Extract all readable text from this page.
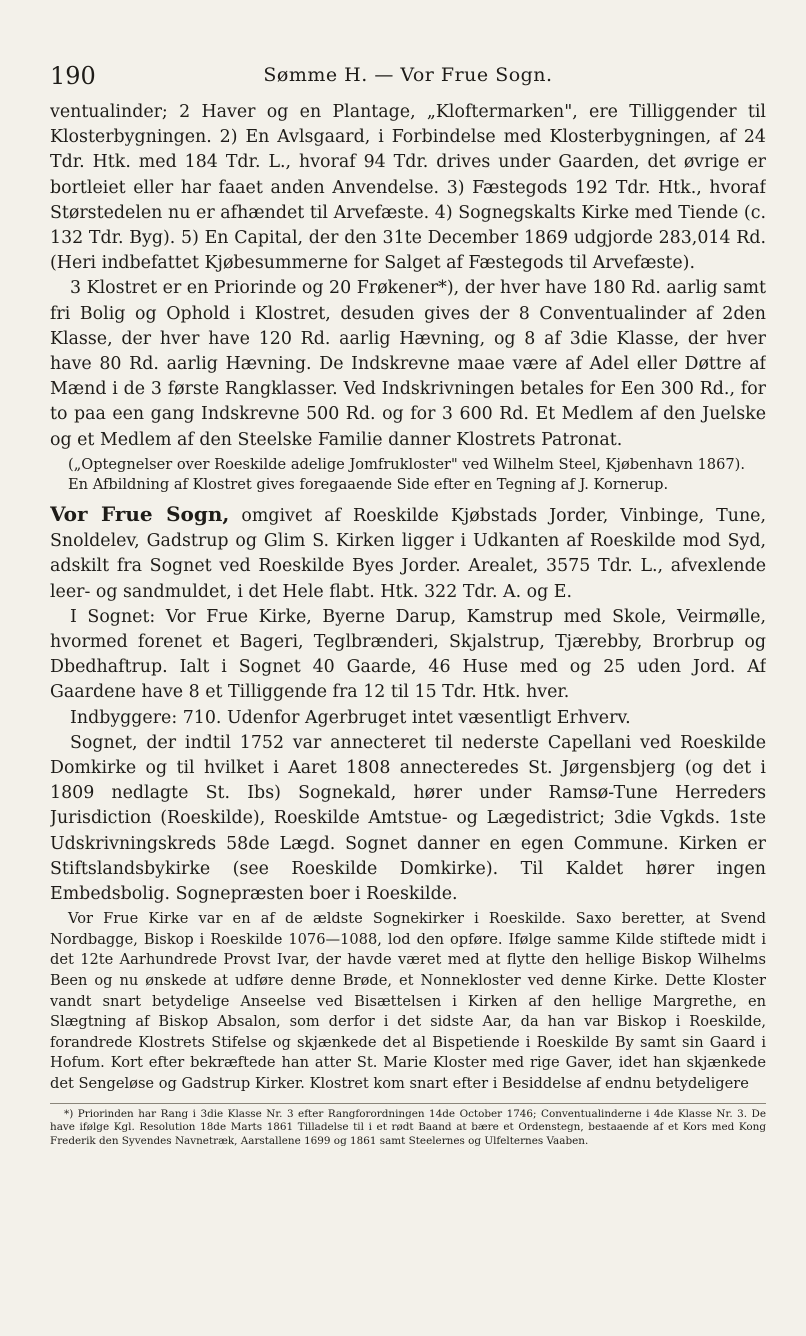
190	Sømme H. — Vor Frue Sogn.

ventualinder; 2 Haver og en Plantage, „Kloftermarken", ere Tilliggender til Klosterbygningen. 2) En Avlsgaard, i Forbindelse med Klosterbygningen, af 24 Tdr. Htk. med 184 Tdr. L., hvoraf 94 Tdr. drives under Gaarden, det øvrige er bortleiet eller har faaet anden Anvendelse. 3) Fæstegods 192 Tdr. Htk., hvoraf Størstedelen nu er afhændet til Arvefæste. 4) Sognegskalts Kirke med Tiende (c. 132 Tdr. Byg). 5) En Capital, der den 31te December 1869 udgjorde 283,014 Rd. (Heri indbefattet Kjøbesummerne for Salget af Fæstegods til Arvefæste).

3 Klostret er en Priorinde og 20 Frøkener*), der hver have 180 Rd. aarlig samt fri Bolig og Ophold i Klostret, desuden gives der 8 Conventualinder af 2den Klasse, der hver have 120 Rd. aarlig Hævning, og 8 af 3die Klasse, der hver have 80 Rd. aarlig Hævning. De Indskrevne maae være af Adel eller Døttre af Mænd i de 3 første Rangklasser. Ved Indskrivningen betales for Een 300 Rd., for to paa een gang Indskrevne 500 Rd. og for 3 600 Rd. Et Medlem af den Juelske og et Medlem af den Steelske Familie danner Klostrets Patronat.

(„Optegnelser over Roeskilde adelige Jomfrukloster" ved Wilhelm Steel, Kjøbenhavn 1867).

En Afbildning af Klostret gives foregaaende Side efter en Tegning af J. Kornerup.

Vor Frue Sogn, omgivet af Roeskilde Kjøbstads Jorder, Vinbinge, Tune, Snoldelev, Gadstrup og Glim S. Kirken ligger i Udkanten af Roeskilde mod Syd, adskilt fra Sognet ved Roeskilde Byes Jorder. Arealet, 3575 Tdr. L., afvexlende leer- og sandmuldet, i det Hele flabt. Htk. 322 Tdr. A. og E.

I Sognet: Vor Frue Kirke, Byerne Darup, Kamstrup med Skole, Veirmølle, hvormed forenet et Bageri, Teglbrænderi, Skjalstrup, Tjærebby, Brorbrup og Dbedhaftrup. Ialt i Sognet 40 Gaarde, 46 Huse med og 25 uden Jord. Af Gaardene have 8 et Tilliggende fra 12 til 15 Tdr. Htk. hver.

Indbyggere: 710. Udenfor Agerbruget intet væsentligt Erhverv.

Sognet, der indtil 1752 var annecteret til nederste Capellani ved Roeskilde Domkirke og til hvilket i Aaret 1808 annecteredes St. Jørgensbjerg (og det i 1809 nedlagte St. Ibs) Sognekald, hører under Ramsø-Tune Herreders Jurisdiction (Roeskilde), Roeskilde Amtstue- og Lægedistrict; 3die Vgkds. 1ste Udskrivningskreds 58de Lægd. Sognet danner en egen Commune. Kirken er Stiftslandsbykirke (see Roeskilde Domkirke). Til Kaldet hører ingen Embedsbolig. Sognepræsten boer i Roeskilde.

Vor Frue Kirke var en af de ældste Sognekirker i Roeskilde. Saxo beretter, at Svend Nordbagge, Biskop i Roeskilde 1076—1088, lod den opføre. Ifølge samme Kilde stiftede midt i det 12te Aarhundrede Provst Ivar, der havde været med at flytte den hellige Biskop Wilhelms Been og nu ønskede at udføre denne Brøde, et Nonnekloster ved denne Kirke. Dette Kloster vandt snart betydelige Anseelse ved Bisættelsen i Kirken af den hellige Margrethe, en Slægtning af Biskop Absalon, som derfor i det sidste Aar, da han var Biskop i Roeskilde, forandrede Klostrets Stifelse og skjænkede det al Bispetiende i Roeskilde By samt sin Gaard i Hofum. Kort efter bekræftede han atter St. Marie Kloster med rige Gaver, idet han skjænkede det Sengeløse og Gadstrup Kirker. Klostret kom snart efter i Besiddelse af endnu betydeligere

*) Priorinden har Rang i 3die Klasse Nr. 3 efter Rangforordningen 14de October 1746; Conventualinderne i 4de Klasse Nr. 3. De have ifølge Kgl. Resolution 18de Marts 1861 Tilladelse til i et rødt Baand at bære et Ordenstegn, bestaaende af et Kors med Kong Frederik den Syvendes Navnetræk, Aarstallene 1699 og 1861 samt Steelernes og Ulfelternes Vaaben.
